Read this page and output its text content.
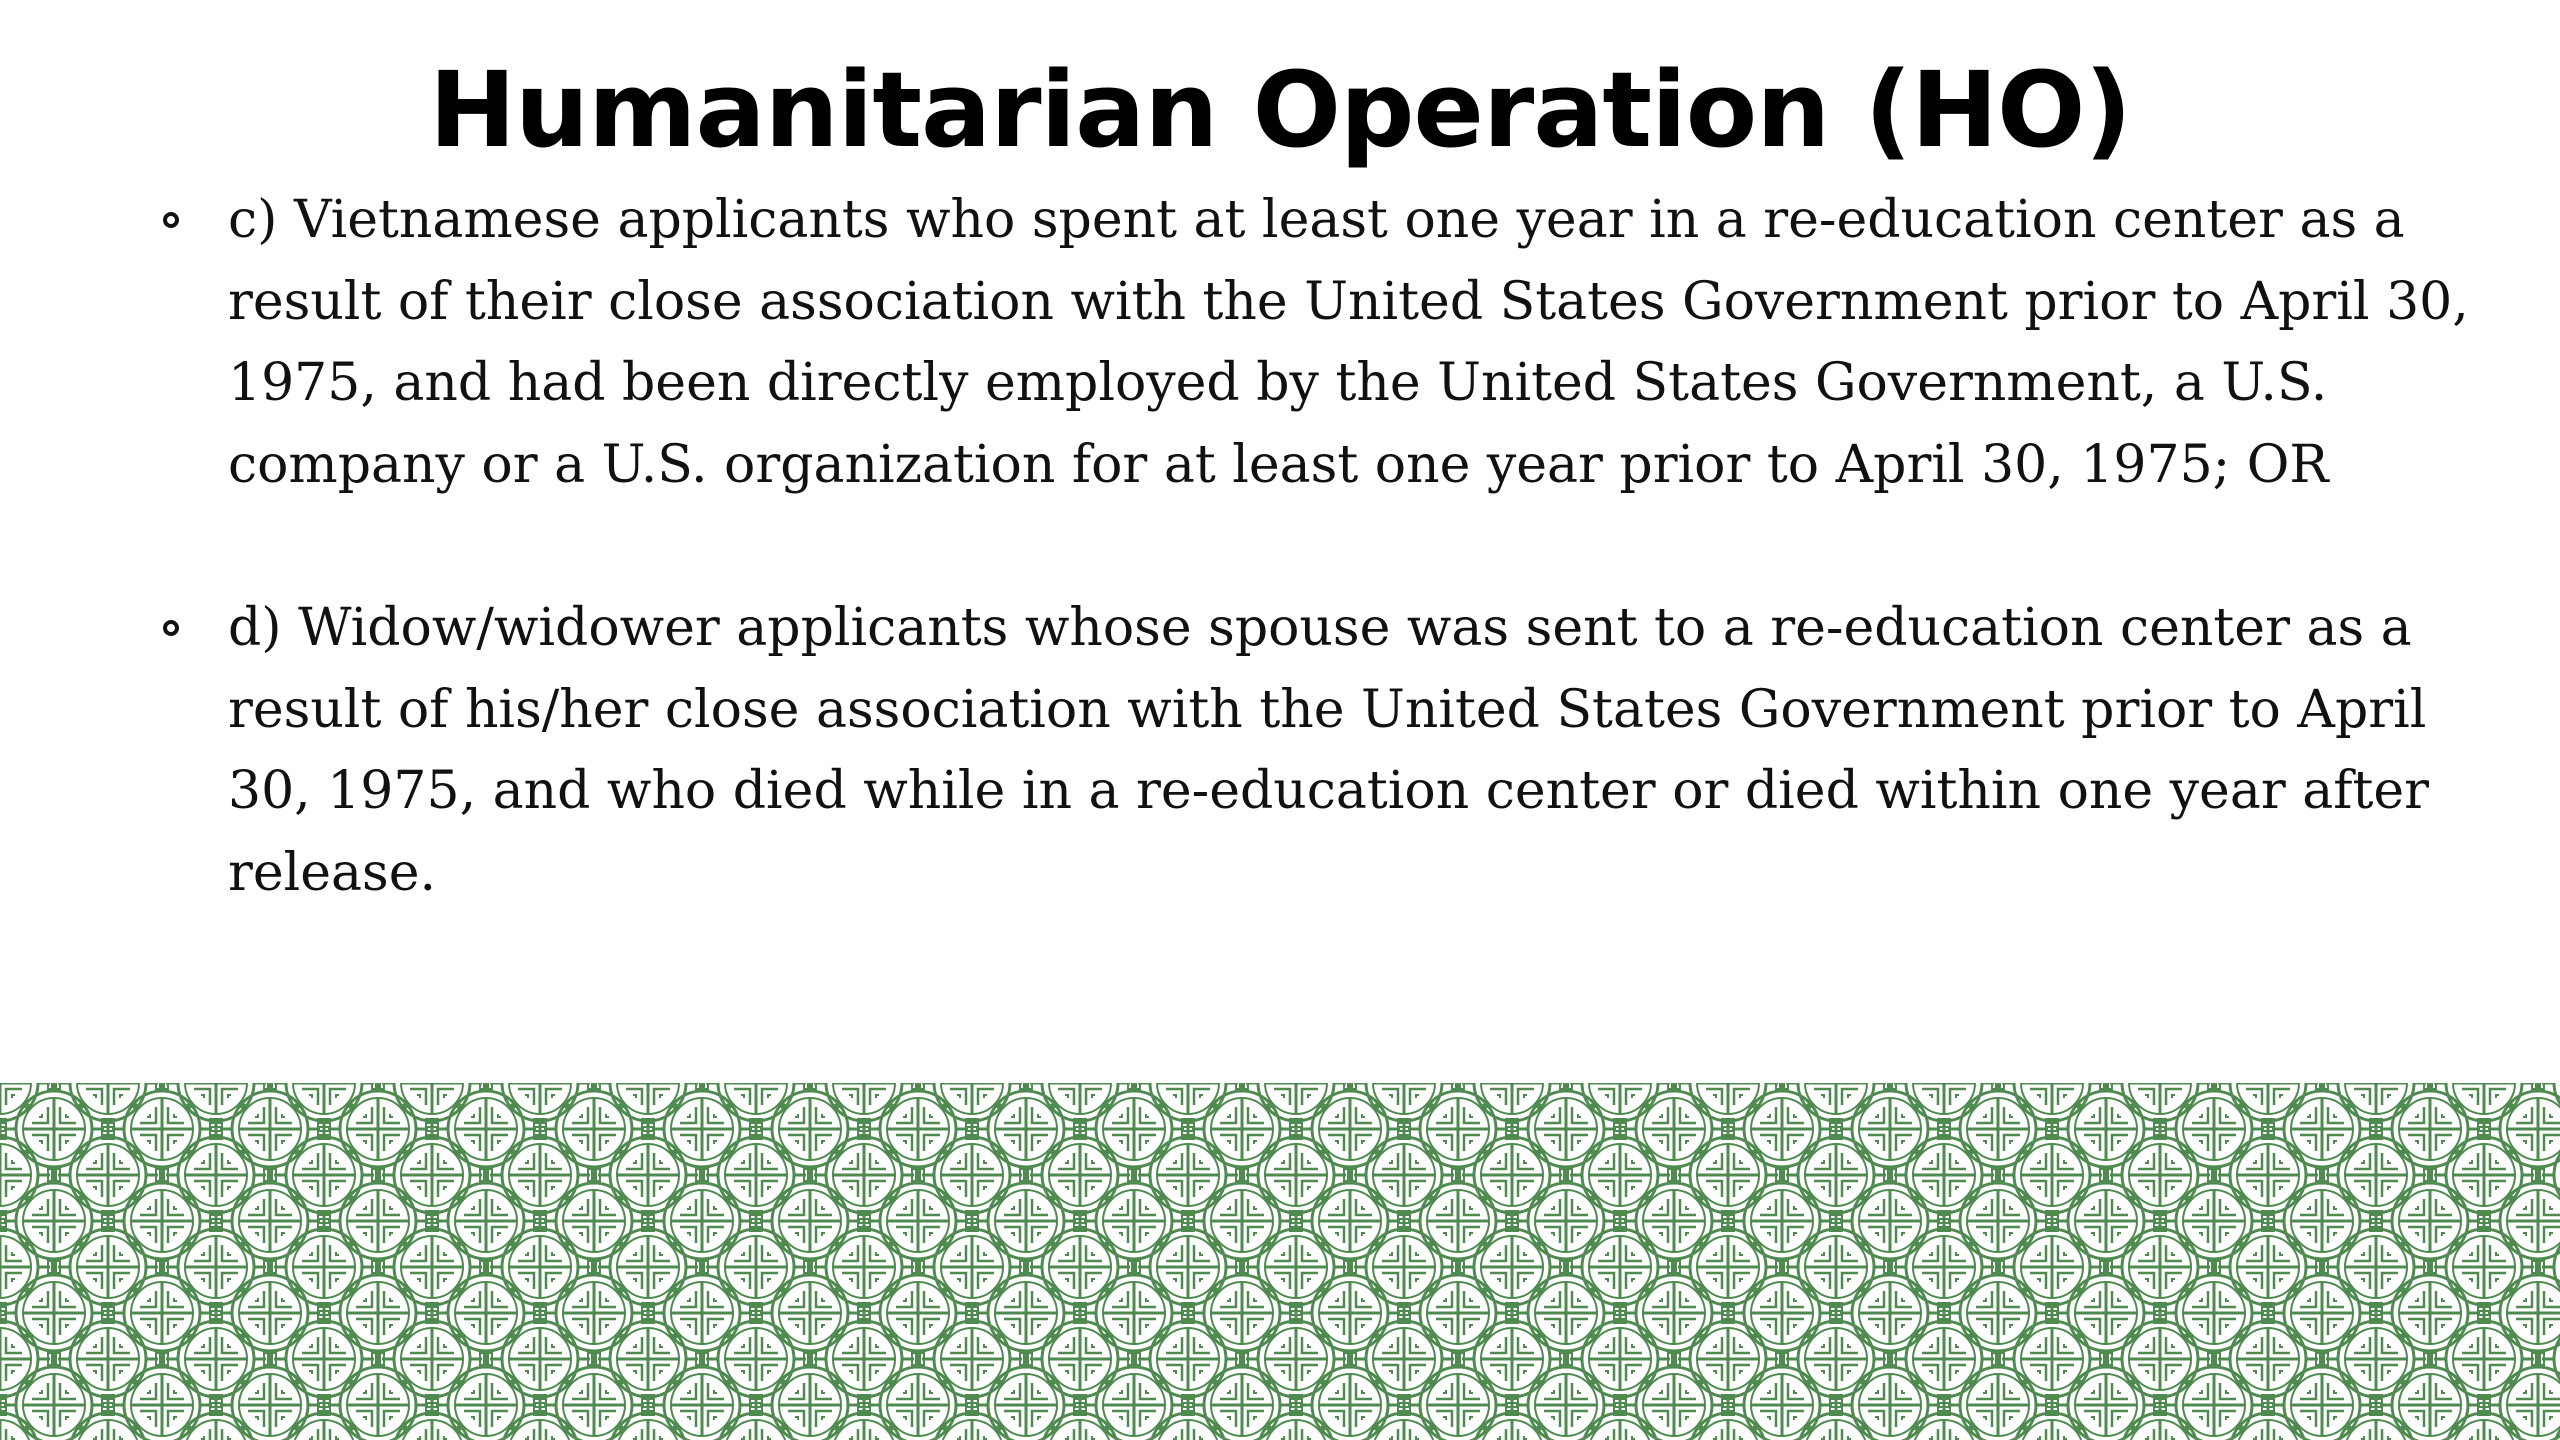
Humanitarian Operation (HO)
c) Vietnamese applicants who spent at least one year in a re-education center as a result of their close association with the United States Government prior to April 30, 1975, and had been directly employed by the United States Government, a U.S. company or a U.S. organization for at least one year prior to April 30, 1975; OR
d) Widow/widower applicants whose spouse was sent to a re-education center as a result of his/her close association with the United States Government prior to April 30, 1975, and who died while in a re-education center or died within one year after release.
